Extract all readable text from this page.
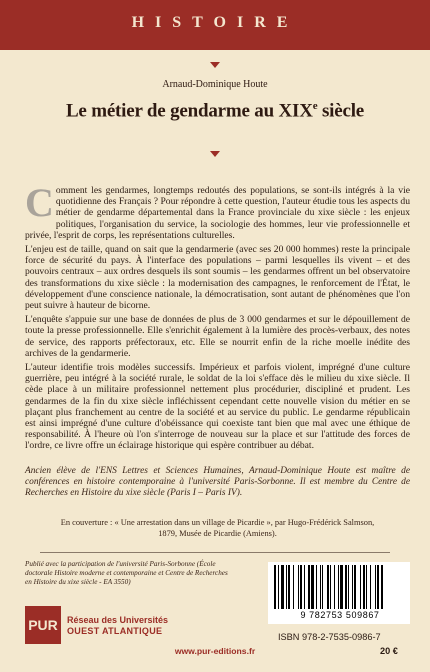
HISTOIRE
Arnaud-Dominique Houte
Le métier de gendarme au XIXe siècle

Comment les gendarmes, longtemps redoutés des populations, se sont-ils intégrés à la vie quotidienne des Français ? Pour répondre à cette question, l'auteur étudie tous les aspects du métier de gendarme départemental dans la France provinciale du xixe siècle : les enjeux politiques, l'organisation du service, la sociologie des hommes, leur vie professionnelle et privée, l'esprit de corps, les représentations culturelles.

L'enjeu est de taille, quand on sait que la gendarmerie (avec ses 20 000 hommes) reste la principale force de sécurité du pays. À l'interface des populations – parmi lesquelles ils vivent – et des pouvoirs centraux – aux ordres desquels ils sont soumis – les gendarmes offrent un bel observatoire des transformations du xixe siècle : la modernisation des campagnes, le renforcement de l'État, le développement d'une conscience nationale, la démocratisation, sont autant de phénomènes que l'on peut suivre à hauteur de bicorne.

L'enquête s'appuie sur une base de données de plus de 3 000 gendarmes et sur le dépouillement de toute la presse professionnelle. Elle s'enrichit également à la lumière des procès-verbaux, des notes de service, des rapports préfectoraux, etc. Elle se nourrit enfin de la riche moelle inédite des archives de la gendarmerie.

L'auteur identifie trois modèles successifs. Impérieux et parfois violent, imprégné d'une culture guerrière, peu intégré à la société rurale, le soldat de la loi s'efface dès le milieu du xixe siècle. Il cède place à un militaire professionnel nettement plus procédurier, discipliné et prudent. Les gendarmes de la fin du xixe siècle infléchissent cependant cette nouvelle vision du métier en se plaçant plus franchement au centre de la société et au service du public. Le gendarme républicain est ainsi imprégné d'une culture d'obéissance qui coexiste tant bien que mal avec une éthique de responsabilité. À l'heure où l'on s'interroge de nouveau sur la place et sur l'attitude des forces de l'ordre, ce livre offre un éclairage historique qui espère contribuer au débat.

Ancien élève de l'ENS Lettres et Sciences Humaines, Arnaud-Dominique Houte est maître de conférences en histoire contemporaine à l'université Paris-Sorbonne. Il est membre du Centre de Recherches en Histoire du xixe siècle (Paris I – Paris IV).
En couverture : « Une arrestation dans un village de Picardie », par Hugo-Frédérick Salmson,
1879, Musée de Picardie (Amiens).
Publié avec la participation de l'université Paris-Sorbonne (École doctorale Histoire moderne et contemporaine et Centre de Recherches en Histoire du xixe siècle - EA 3550)
PUR	Réseau des Universités
OUEST ATLANTIQUE
9 782753 509867
ISBN 978-2-7535-0986-7
www.pur-editions.fr	20 €
